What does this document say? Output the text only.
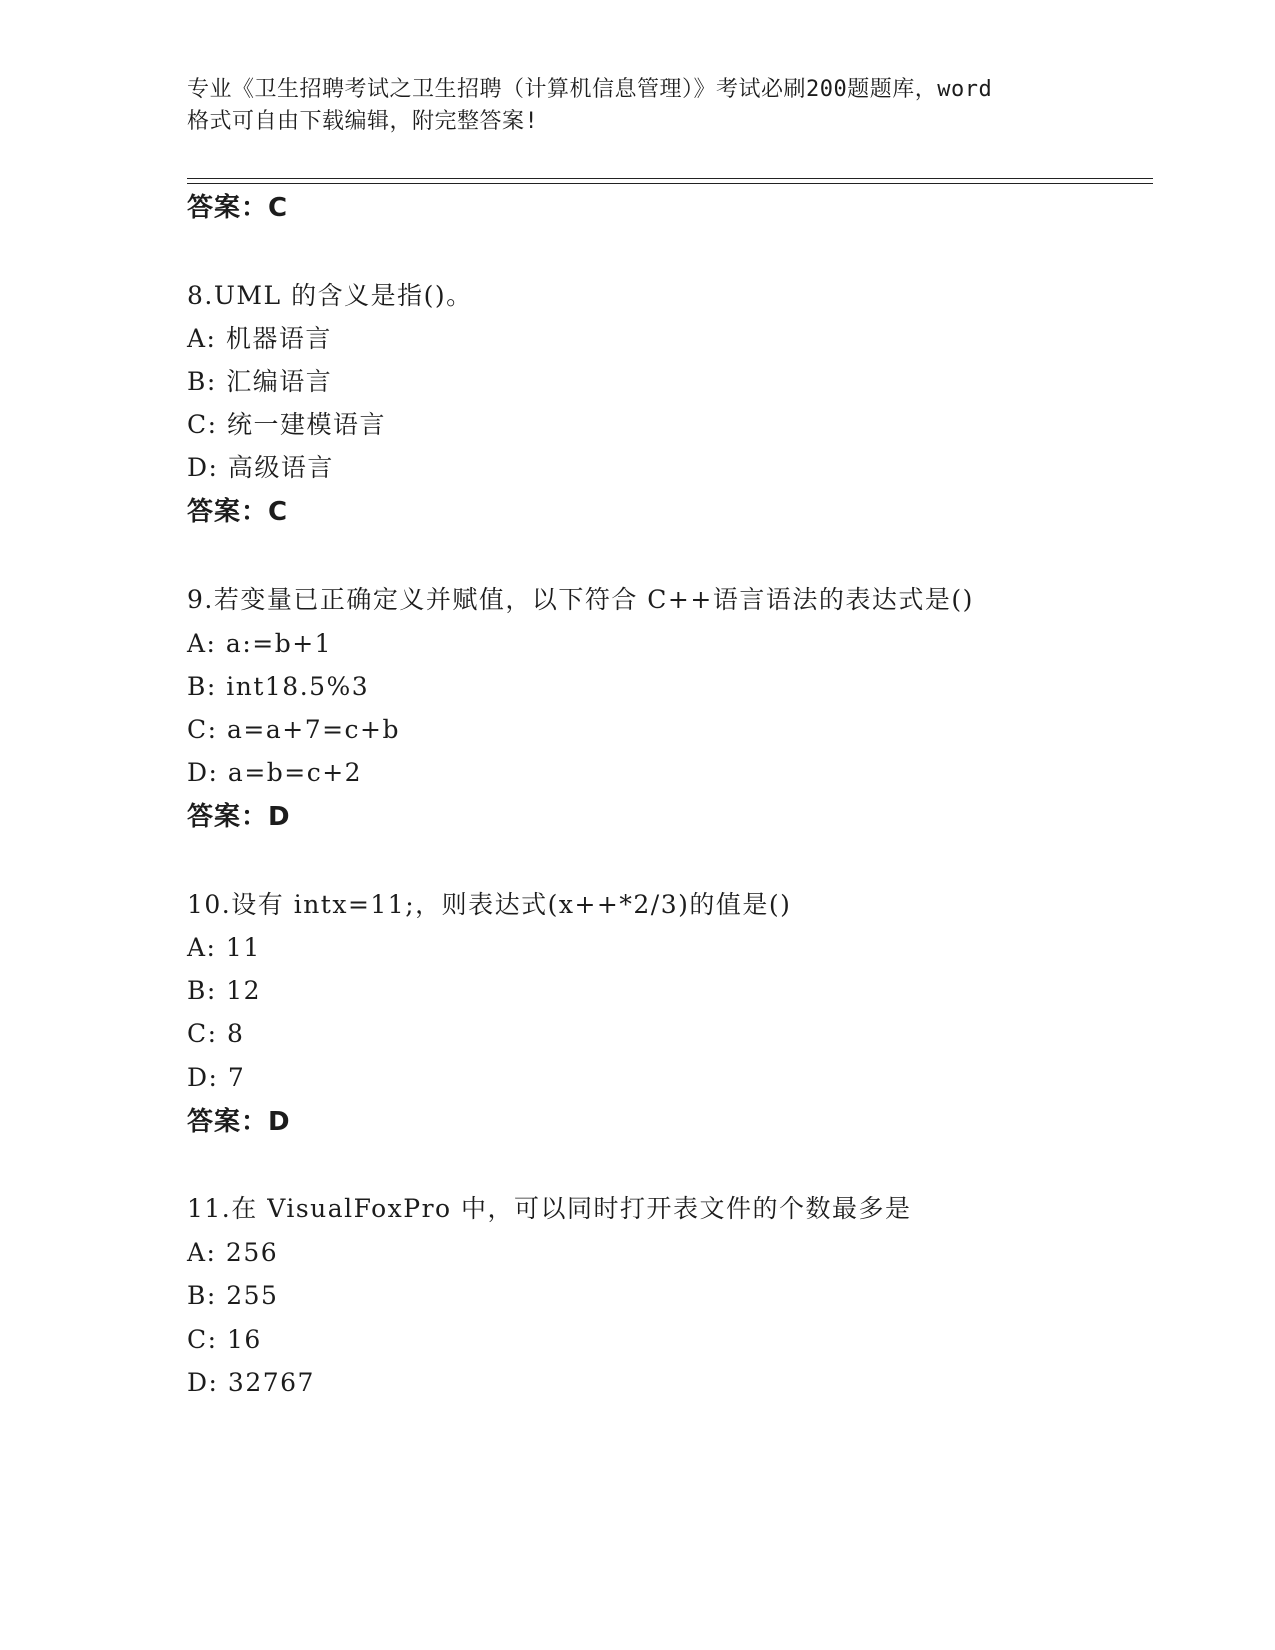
专业《卫生招聘考试之卫生招聘（计算机信息管理）》考试必刷200题题库，word
格式可自由下载编辑，附完整答案!
答案：C
8.UML 的含义是指()。
A: 机器语言
B: 汇编语言
C: 统一建模语言
D: 高级语言
答案：C
9.若变量已正确定义并赋值，以下符合 C++语言语法的表达式是()
A: a:=b+1
B: int18.5%3
C: a=a+7=c+b
D: a=b=c+2
答案：D
10.设有 intx=11;，则表达式(x++*2/3)的值是()
A: 11
B: 12
C: 8
D: 7
答案：D
11.在 VisualFoxPro 中，可以同时打开表文件的个数最多是
A: 256
B: 255
C: 16
D: 32767
